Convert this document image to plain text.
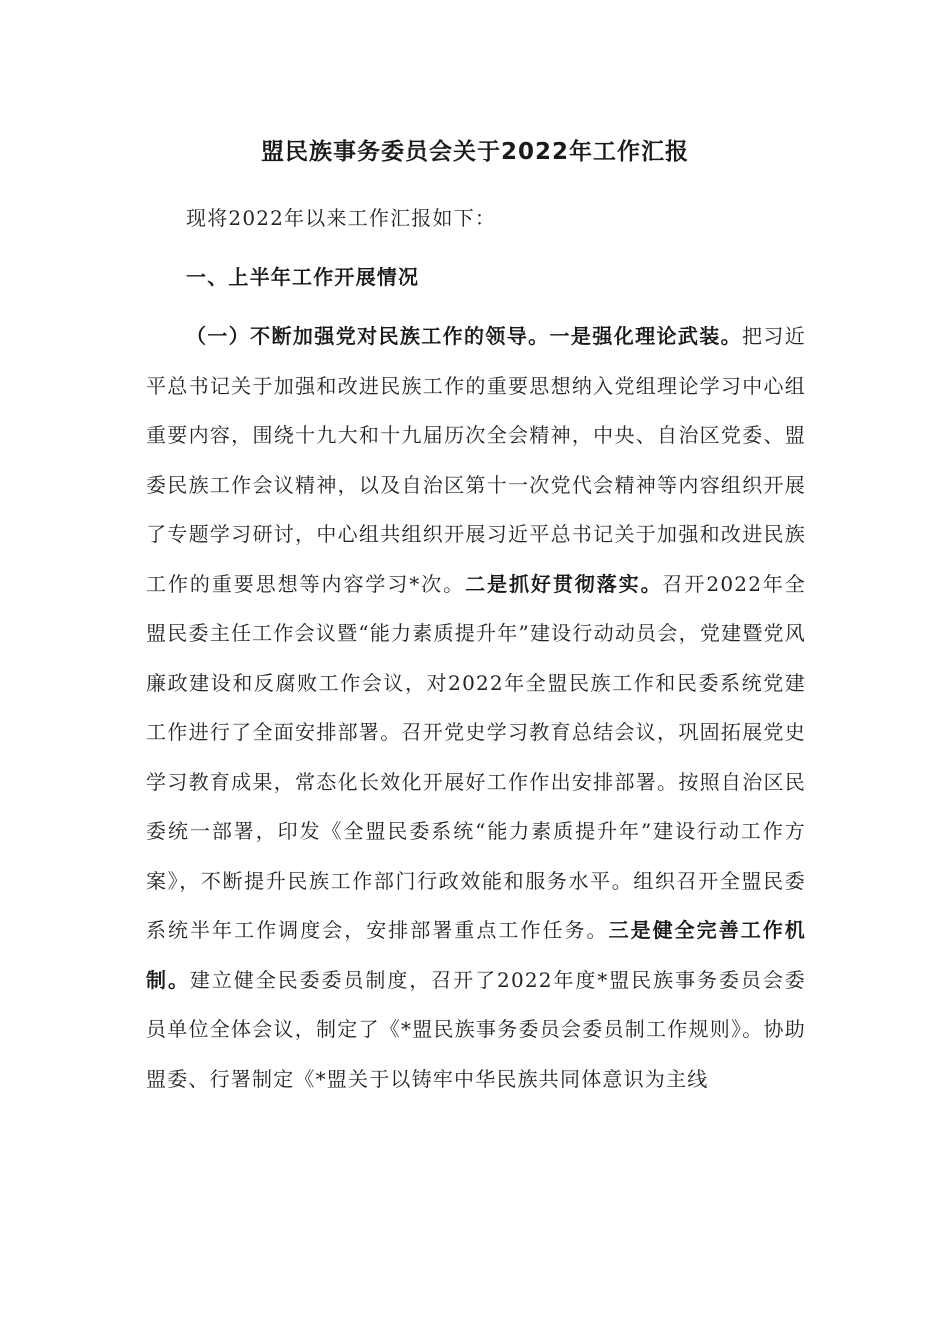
盟民族事务委员会关于2022年工作汇报

现将2022年以来工作汇报如下：

一、上半年工作开展情况

（一）不断加强党对民族工作的领导。一是强化理论武装。把习近平总书记关于加强和改进民族工作的重要思想纳入党组理论学习中心组重要内容，围绕十九大和十九届历次全会精神，中央、自治区党委、盟委民族工作会议精神，以及自治区第十一次党代会精神等内容组织开展了专题学习研讨，中心组共组织开展习近平总书记关于加强和改进民族工作的重要思想等内容学习*次。二是抓好贯彻落实。召开2022年全盟民委主任工作会议暨“能力素质提升年”建设行动动员会，党建暨党风廉政建设和反腐败工作会议，对2022年全盟民族工作和民委系统党建工作进行了全面安排部署。召开党史学习教育总结会议，巩固拓展党史学习教育成果，常态化长效化开展好工作作出安排部署。按照自治区民委统一部署，印发《全盟民委系统“能力素质提升年”建设行动工作方案》，不断提升民族工作部门行政效能和服务水平。组织召开全盟民委系统半年工作调度会，安排部署重点工作任务。三是健全完善工作机制。建立健全民委委员制度，召开了2022年度*盟民族事务委员会委员单位全体会议，制定了《*盟民族事务委员会委员制工作规则》。协助盟委、行署制定《*盟关于以铸牢中华民族共同体意识为主线
